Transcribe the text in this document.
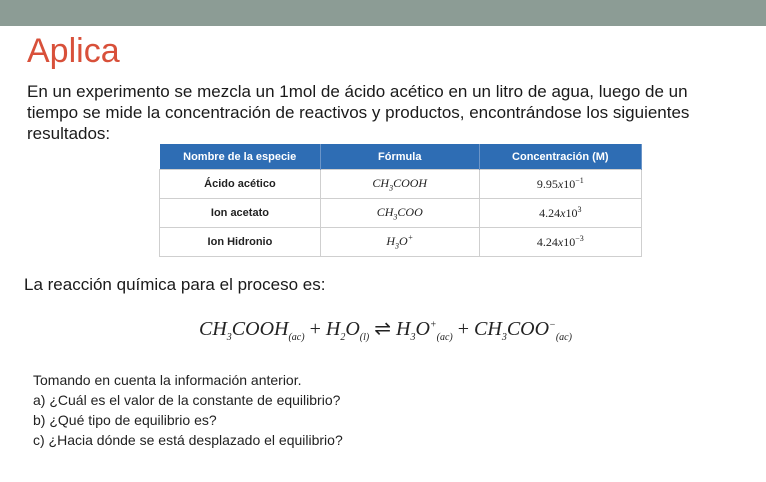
Aplica
En un experimento se mezcla un 1mol de ácido acético en un litro de agua, luego de un tiempo se mide la concentración de reactivos y productos, encontrándose los siguientes resultados:
Nombre de la especie	Fórmula	Concentración (M)
Ácido acético	$CH_3COOH$	$9.95x10^{-1}$
Ion acetato	$CH_3COO$	$4.24x10^3$
Ion Hidronio	$H_3O^+$	$4.24x10^{-3}$
La reacción química para el proceso es:
$CH_3COOH_{(ac)} + H_2O_{(l)}$ ⇌ $H_3O^+_{(ac)} + CH_3COO^-_{(ac)}$
Tomando en cuenta la información anterior.
a) ¿Cuál es el valor de la constante de equilibrio?
b) ¿Qué tipo de equilibrio es?
c) ¿Hacia dónde se está desplazado el equilibrio?
